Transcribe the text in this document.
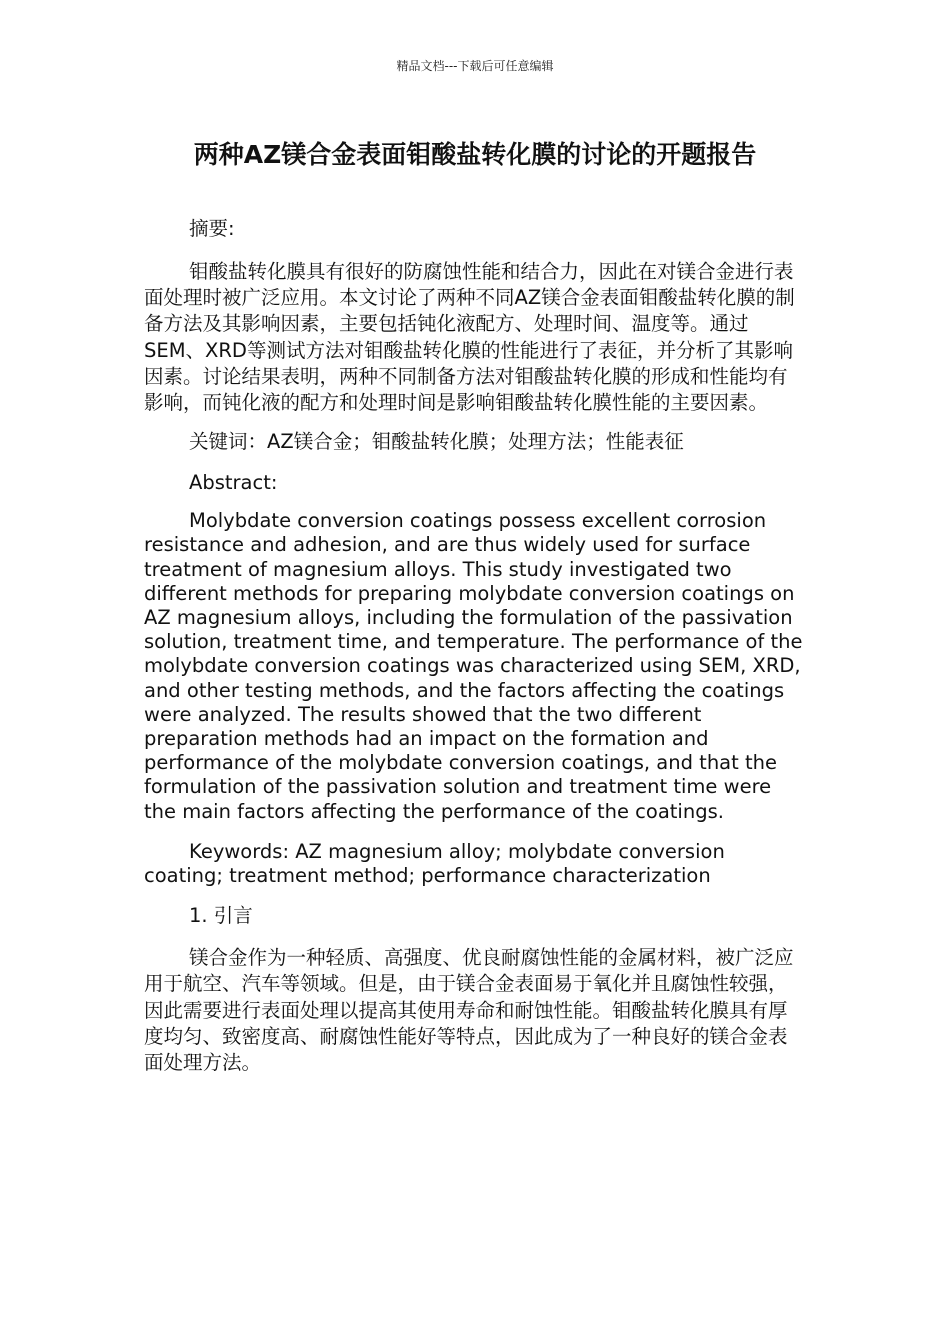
精品文档---下载后可任意编辑
两种AZ镁合金表面钼酸盐转化膜的讨论的开题报告

摘要:

钼酸盐转化膜具有很好的防腐蚀性能和结合力，因此在对镁合金进行表面处理时被广泛应用。本文讨论了两种不同AZ镁合金表面钼酸盐转化膜的制备方法及其影响因素，主要包括钝化液配方、处理时间、温度等。通过SEM、XRD等测试方法对钼酸盐转化膜的性能进行了表征，并分析了其影响因素。讨论结果表明，两种不同制备方法对钼酸盐转化膜的形成和性能均有影响，而钝化液的配方和处理时间是影响钼酸盐转化膜性能的主要因素。

关键词：AZ镁合金；钼酸盐转化膜；处理方法；性能表征

Abstract:

Molybdate conversion coatings possess excellent corrosion resistance and adhesion, and are thus widely used for surface treatment of magnesium alloys. This study investigated two different methods for preparing molybdate conversion coatings on AZ magnesium alloys, including the formulation of the passivation solution, treatment time, and temperature. The performance of the molybdate conversion coatings was characterized using SEM, XRD, and other testing methods, and the factors affecting the coatings were analyzed. The results showed that the two different preparation methods had an impact on the formation and performance of the molybdate conversion coatings, and that the formulation of the passivation solution and treatment time were the main factors affecting the performance of the coatings.

Keywords: AZ magnesium alloy; molybdate conversion coating; treatment method; performance characterization

1. 引言

镁合金作为一种轻质、高强度、优良耐腐蚀性能的金属材料，被广泛应用于航空、汽车等领域。但是，由于镁合金表面易于氧化并且腐蚀性较强，因此需要进行表面处理以提高其使用寿命和耐蚀性能。钼酸盐转化膜具有厚度均匀、致密度高、耐腐蚀性能好等特点，因此成为了一种良好的镁合金表面处理方法。
